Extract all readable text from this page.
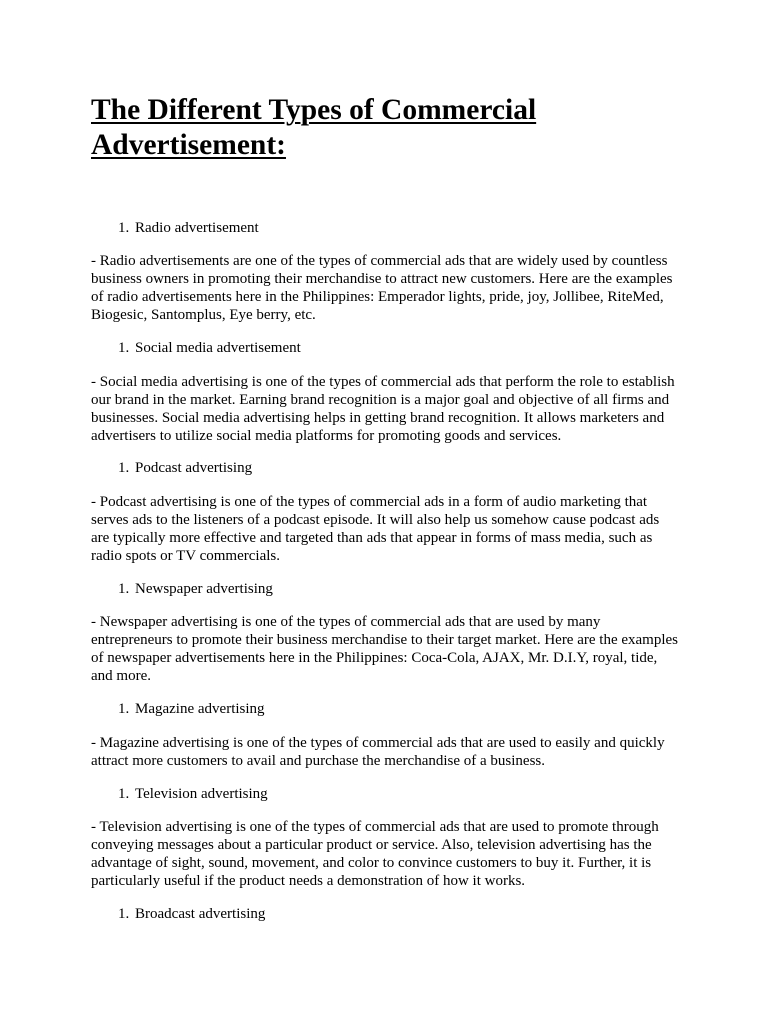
The Different Types of Commercial Advertisement:
1. Radio advertisement

- Radio advertisements are one of the types of commercial ads that are widely used by countless business owners in promoting their merchandise to attract new customers. Here are the examples of radio advertisements here in the Philippines: Emperador lights, pride, joy, Jollibee, RiteMed, Biogesic, Santomplus, Eye berry, etc.

1. Social media advertisement

- Social media advertising is one of the types of commercial ads that perform the role to establish our brand in the market. Earning brand recognition is a major goal and objective of all firms and businesses. Social media advertising helps in getting brand recognition. It allows marketers and advertisers to utilize social media platforms for promoting goods and services.

1. Podcast advertising

- Podcast advertising is one of the types of commercial ads in a form of audio marketing that serves ads to the listeners of a podcast episode. It will also help us somehow cause podcast ads are typically more effective and targeted than ads that appear in forms of mass media, such as radio spots or TV commercials.

1. Newspaper advertising

- Newspaper advertising is one of the types of commercial ads that are used by many entrepreneurs to promote their business merchandise to their target market. Here are the examples of newspaper advertisements here in the Philippines: Coca-Cola, AJAX, Mr. D.I.Y, royal, tide, and more.

1. Magazine advertising

- Magazine advertising is one of the types of commercial ads that are used to easily and quickly attract more customers to avail and purchase the merchandise of a business.

1. Television advertising

- Television advertising is one of the types of commercial ads that are used to promote through conveying messages about a particular product or service. Also, television advertising has the advantage of sight, sound, movement, and color to convince customers to buy it. Further, it is particularly useful if the product needs a demonstration of how it works.

1. Broadcast advertising
